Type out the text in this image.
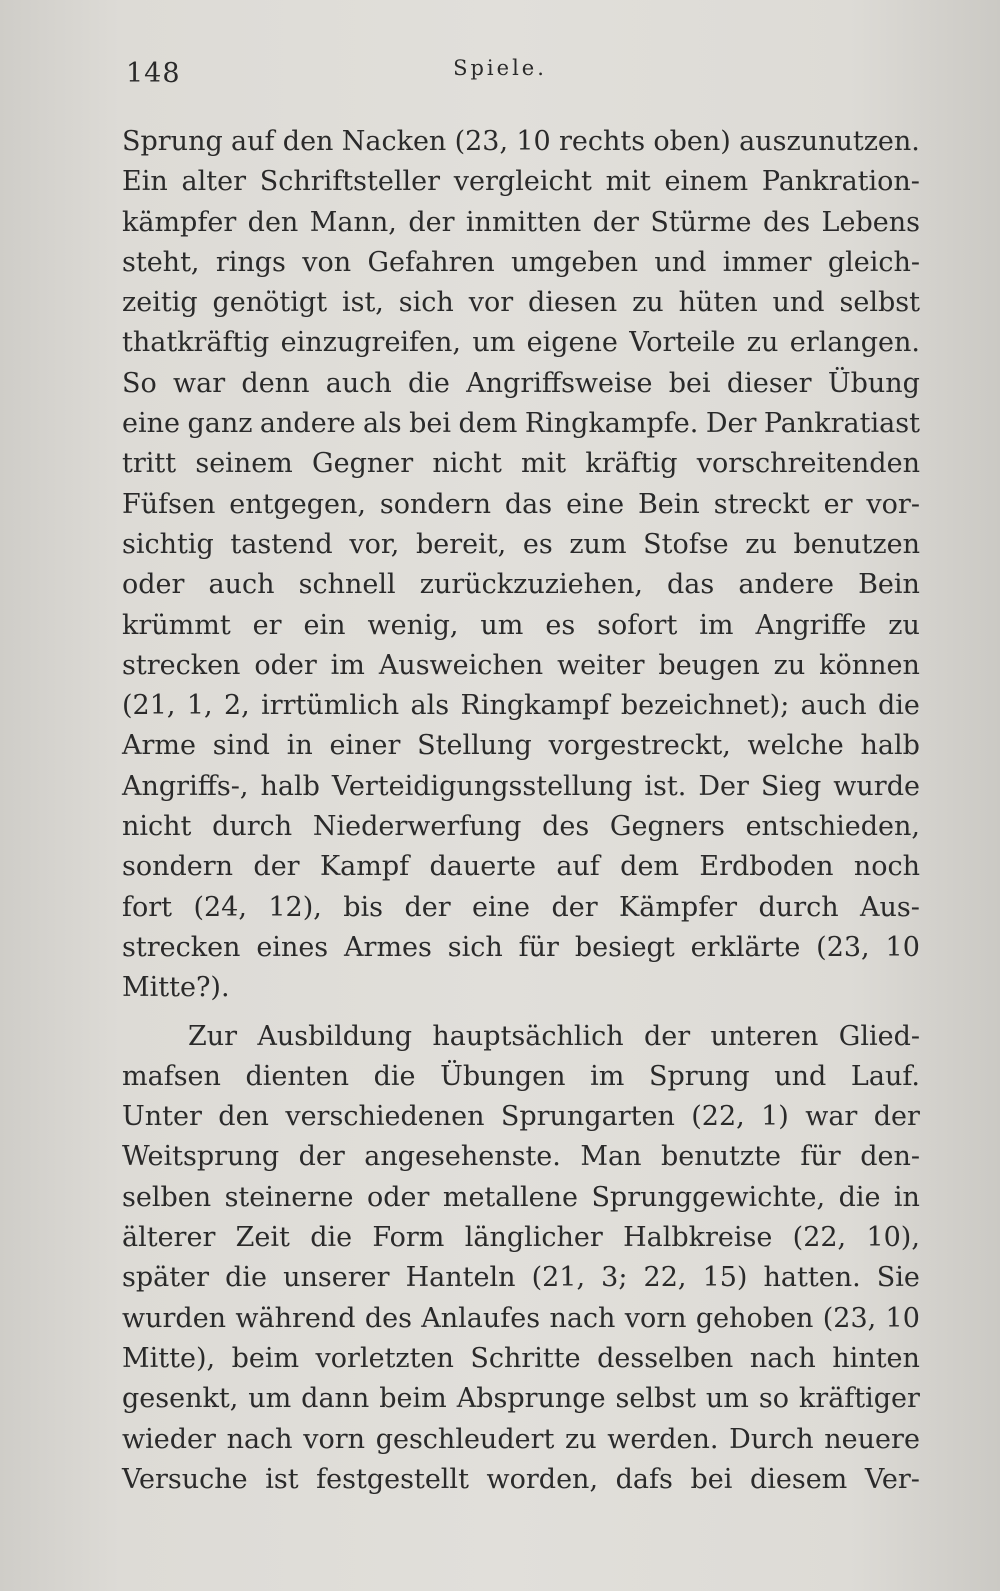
148	Spiele.
Sprung auf den Nacken (23, 10 rechts oben) auszunutzen.
Ein alter Schriftsteller vergleicht mit einem Pankration-
kämpfer den Mann, der inmitten der Stürme des Lebens
steht, rings von Gefahren umgeben und immer gleich-
zeitig genötigt ist, sich vor diesen zu hüten und selbst
thatkräftig einzugreifen, um eigene Vorteile zu erlangen.
So war denn auch die Angriffsweise bei dieser Übung
eine ganz andere als bei dem Ringkampfe. Der Pankratiast
tritt seinem Gegner nicht mit kräftig vorschreitenden
Füfsen entgegen, sondern das eine Bein streckt er vor-
sichtig tastend vor, bereit, es zum Stofse zu benutzen
oder auch schnell zurückzuziehen, das andere Bein
krümmt er ein wenig, um es sofort im Angriffe zu
strecken oder im Ausweichen weiter beugen zu können
(21, 1, 2, irrtümlich als Ringkampf bezeichnet); auch die
Arme sind in einer Stellung vorgestreckt, welche halb
Angriffs-, halb Verteidigungsstellung ist. Der Sieg wurde
nicht durch Niederwerfung des Gegners entschieden,
sondern der Kampf dauerte auf dem Erdboden noch
fort (24, 12), bis der eine der Kämpfer durch Aus-
strecken eines Armes sich für besiegt erklärte (23, 10
Mitte?).
Zur Ausbildung hauptsächlich der unteren Glied-
mafsen dienten die Übungen im Sprung und Lauf.
Unter den verschiedenen Sprungarten (22, 1) war der
Weitsprung der angesehenste. Man benutzte für den-
selben steinerne oder metallene Sprunggewichte, die in
älterer Zeit die Form länglicher Halbkreise (22, 10),
später die unserer Hanteln (21, 3; 22, 15) hatten. Sie
wurden während des Anlaufes nach vorn gehoben (23, 10
Mitte), beim vorletzten Schritte desselben nach hinten
gesenkt, um dann beim Absprunge selbst um so kräftiger
wieder nach vorn geschleudert zu werden. Durch neuere
Versuche ist festgestellt worden, dafs bei diesem Ver-
